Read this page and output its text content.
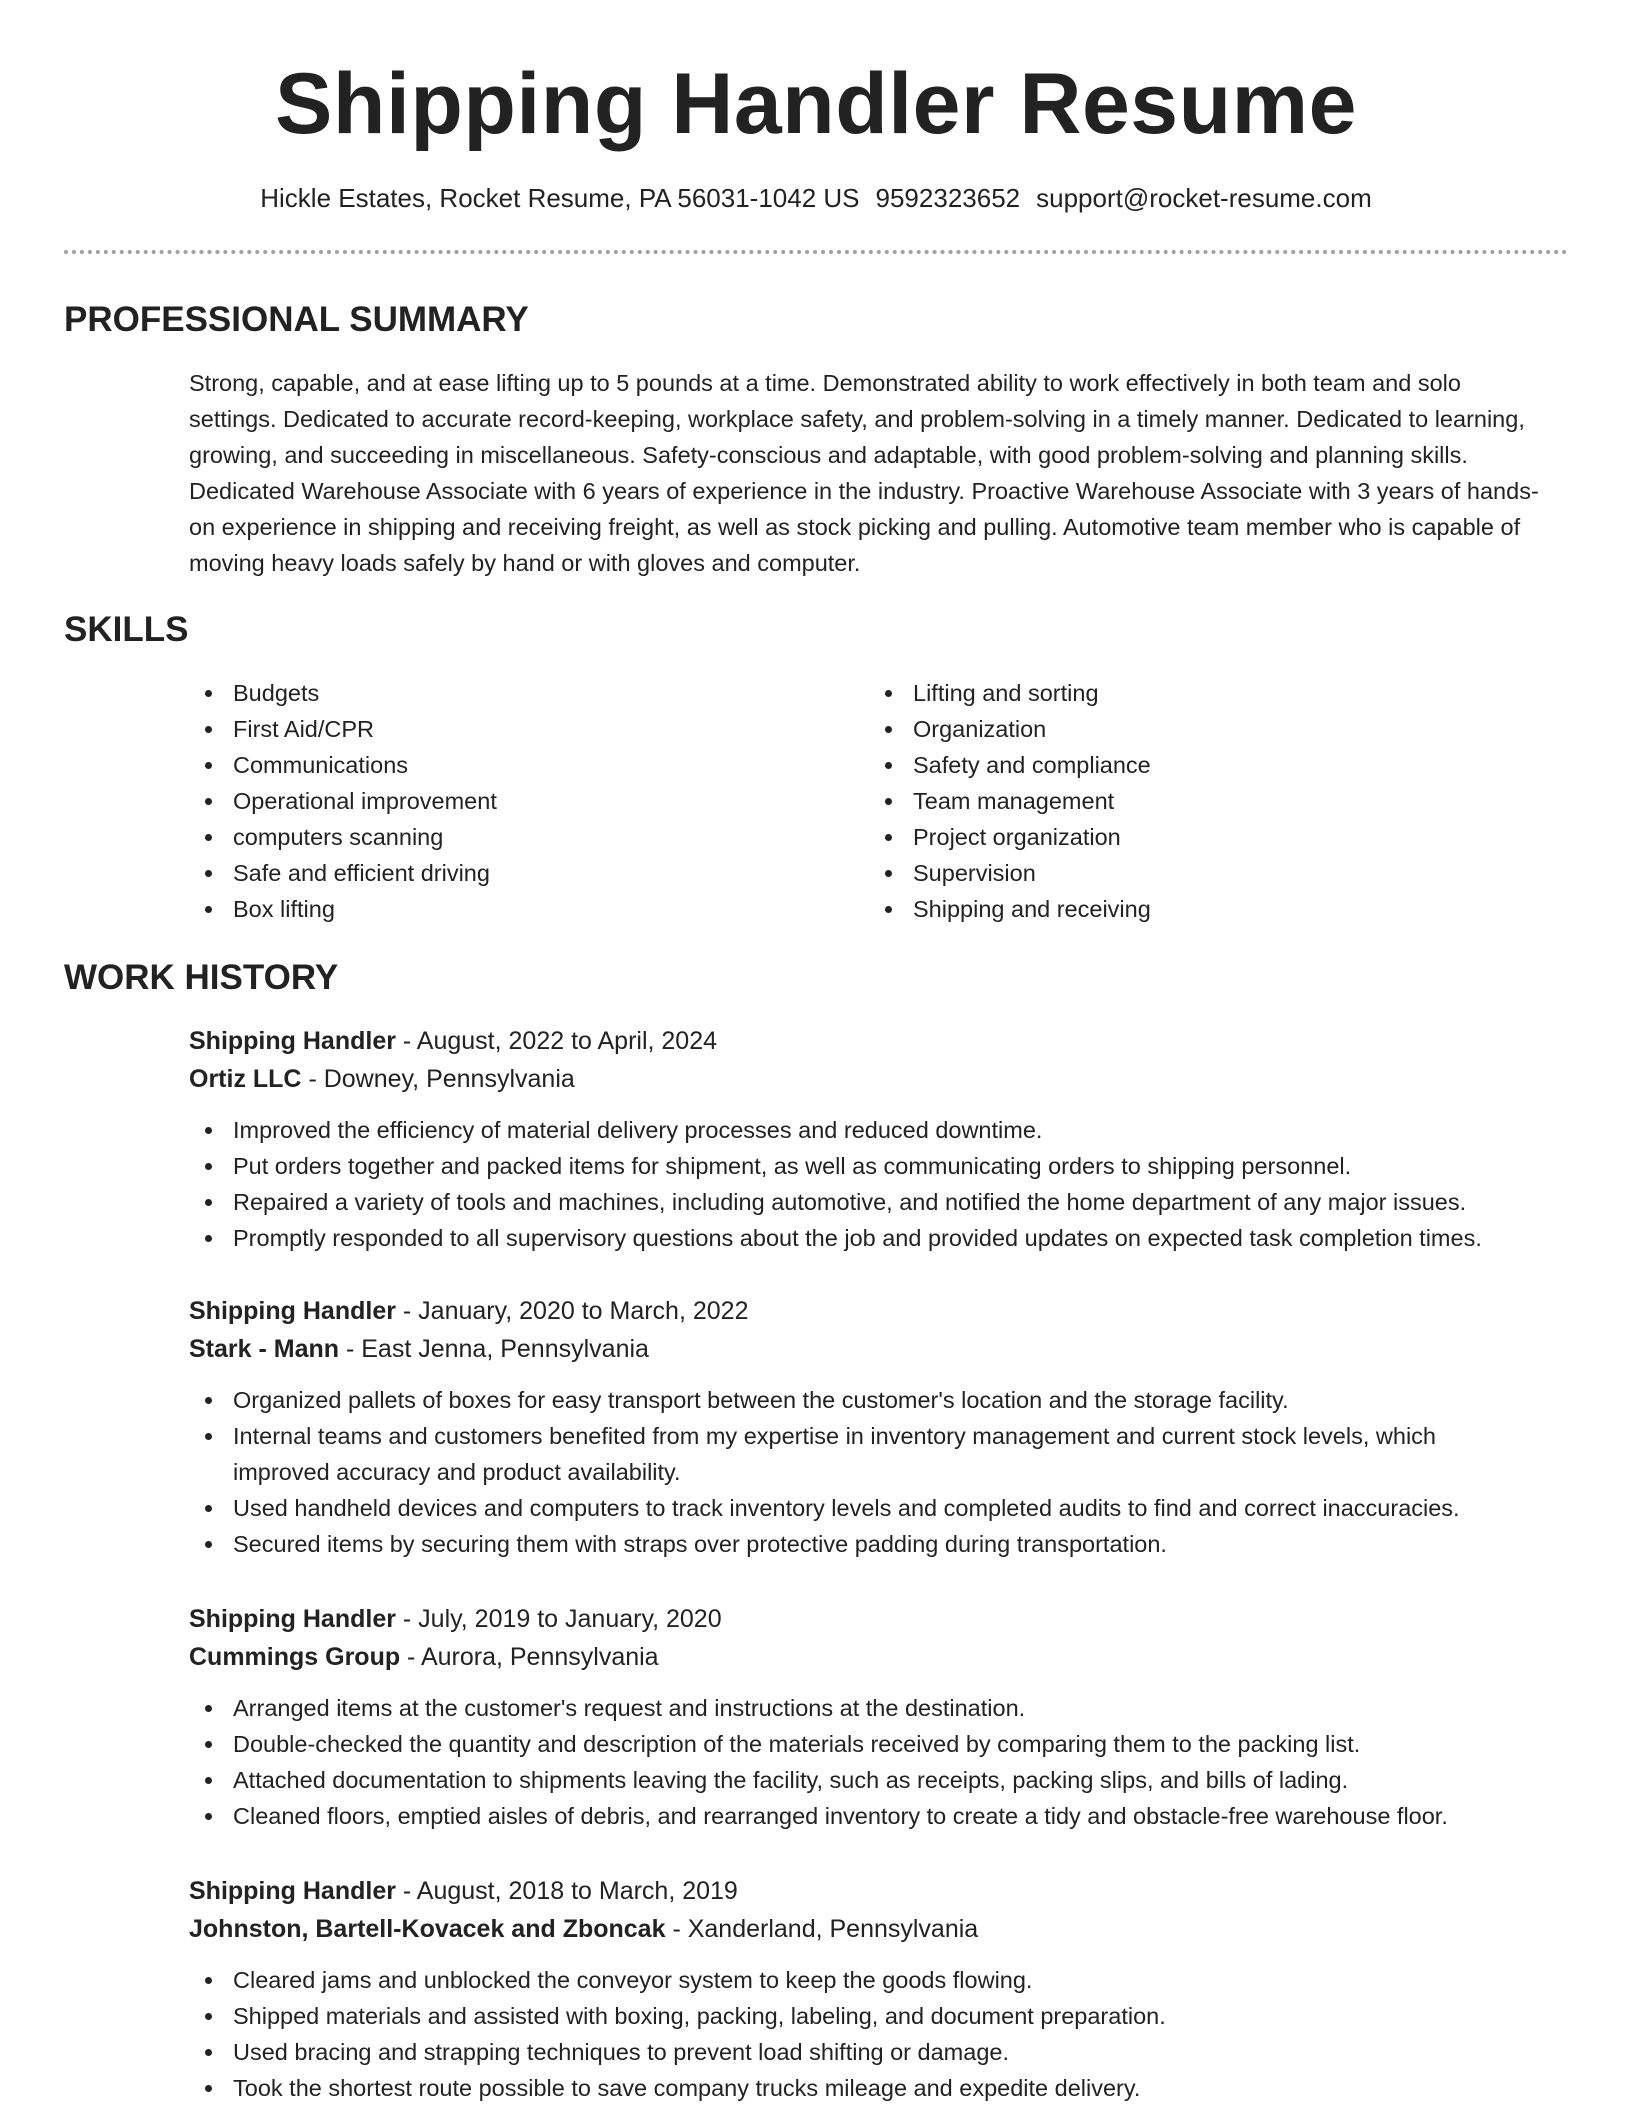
Shipping Handler Resume
Hickle Estates, Rocket Resume, PA 56031-1042 US 9592323652 support@rocket-resume.com
PROFESSIONAL SUMMARY

Strong, capable, and at ease lifting up to 5 pounds at a time. Demonstrated ability to work effectively in both team and solo settings. Dedicated to accurate record-keeping, workplace safety, and problem-solving in a timely manner. Dedicated to learning, growing, and succeeding in miscellaneous. Safety-conscious and adaptable, with good problem-solving and planning skills. Dedicated Warehouse Associate with 6 years of experience in the industry. Proactive Warehouse Associate with 3 years of hands-on experience in shipping and receiving freight, as well as stock picking and pulling. Automotive team member who is capable of moving heavy loads safely by hand or with gloves and computer.

SKILLS
Budgets
First Aid/CPR
Communications
Operational improvement
computers scanning
Safe and efficient driving
Box lifting
Lifting and sorting
Organization
Safety and compliance
Team management
Project organization
Supervision
Shipping and receiving
WORK HISTORY
Shipping Handler - August, 2022 to April, 2024
Ortiz LLC - Downey, Pennsylvania
Improved the efficiency of material delivery processes and reduced downtime.
Put orders together and packed items for shipment, as well as communicating orders to shipping personnel.
Repaired a variety of tools and machines, including automotive, and notified the home department of any major issues.
Promptly responded to all supervisory questions about the job and provided updates on expected task completion times.
Shipping Handler - January, 2020 to March, 2022
Stark - Mann - East Jenna, Pennsylvania
Organized pallets of boxes for easy transport between the customer's location and the storage facility.
Internal teams and customers benefited from my expertise in inventory management and current stock levels, which improved accuracy and product availability.
Used handheld devices and computers to track inventory levels and completed audits to find and correct inaccuracies.
Secured items by securing them with straps over protective padding during transportation.
Shipping Handler - July, 2019 to January, 2020
Cummings Group - Aurora, Pennsylvania
Arranged items at the customer's request and instructions at the destination.
Double-checked the quantity and description of the materials received by comparing them to the packing list.
Attached documentation to shipments leaving the facility, such as receipts, packing slips, and bills of lading.
Cleaned floors, emptied aisles of debris, and rearranged inventory to create a tidy and obstacle-free warehouse floor.
Shipping Handler - August, 2018 to March, 2019
Johnston, Bartell-Kovacek and Zboncak - Xanderland, Pennsylvania
Cleared jams and unblocked the conveyor system to keep the goods flowing.
Shipped materials and assisted with boxing, packing, labeling, and document preparation.
Used bracing and strapping techniques to prevent load shifting or damage.
Took the shortest route possible to save company trucks mileage and expedite delivery.
